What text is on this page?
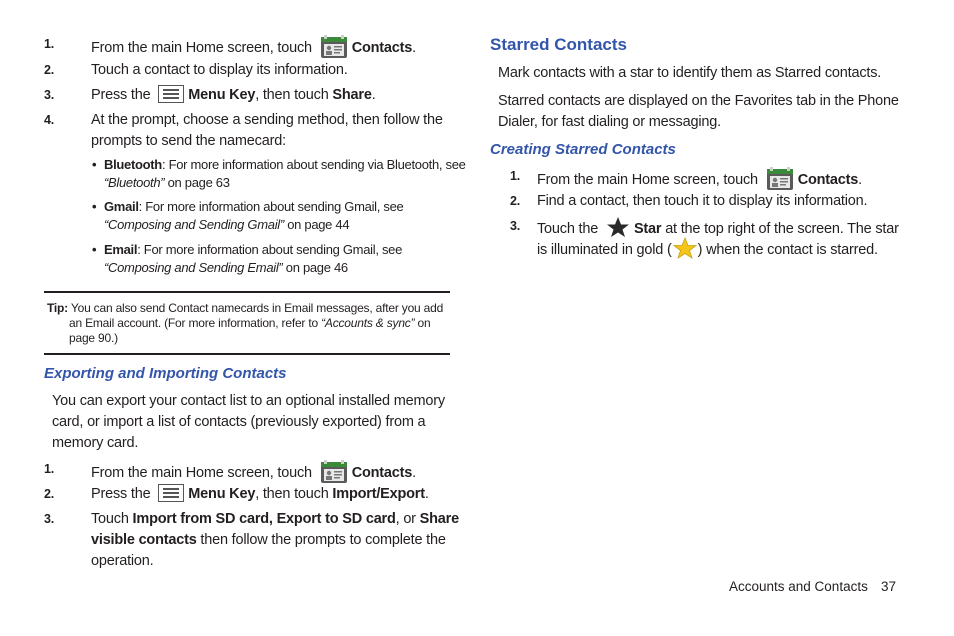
1.	From the main Home screen, touch	Contacts.
2.	Touch a contact to display its information.
3.	Press the	Menu Key, then touch Share.
4.	At the prompt, choose a sending method, then follow the
prompts to send the namecard:
• Bluetooth: For more information about sending via Bluetooth, see
“Bluetooth” on page 63
• Gmail: For more information about sending Gmail, see
“Composing and Sending Gmail” on page 44
• Email: For more information about sending Gmail, see
“Composing and Sending Email” on page 46
Tip: You can also send Contact namecards in Email messages, after you add
an Email account. (For more information, refer to “Accounts & sync” on
page 90.)
Exporting and Importing Contacts
You can export your contact list to an optional installed memory
card, or import a list of contacts (previously exported) from a
memory card.
1.	From the main Home screen, touch	Contacts.
2.	Press the	Menu Key, then touch Import/Export.
3.	Touch Import from SD card, Export to SD card, or Share
visible contacts then follow the prompts to complete the
operation.
Starred Contacts
Mark contacts with a star to identify them as Starred contacts.
Starred contacts are displayed on the Favorites tab in the Phone
Dialer, for fast dialing or messaging.
Creating Starred Contacts
1.	From the main Home screen, touch	Contacts.
2.	Find a contact, then touch it to display its information.
3.	Touch the Star at the top right of the screen. The star
is illuminated in gold ( ) when the contact is starred.
Accounts and Contacts 37
